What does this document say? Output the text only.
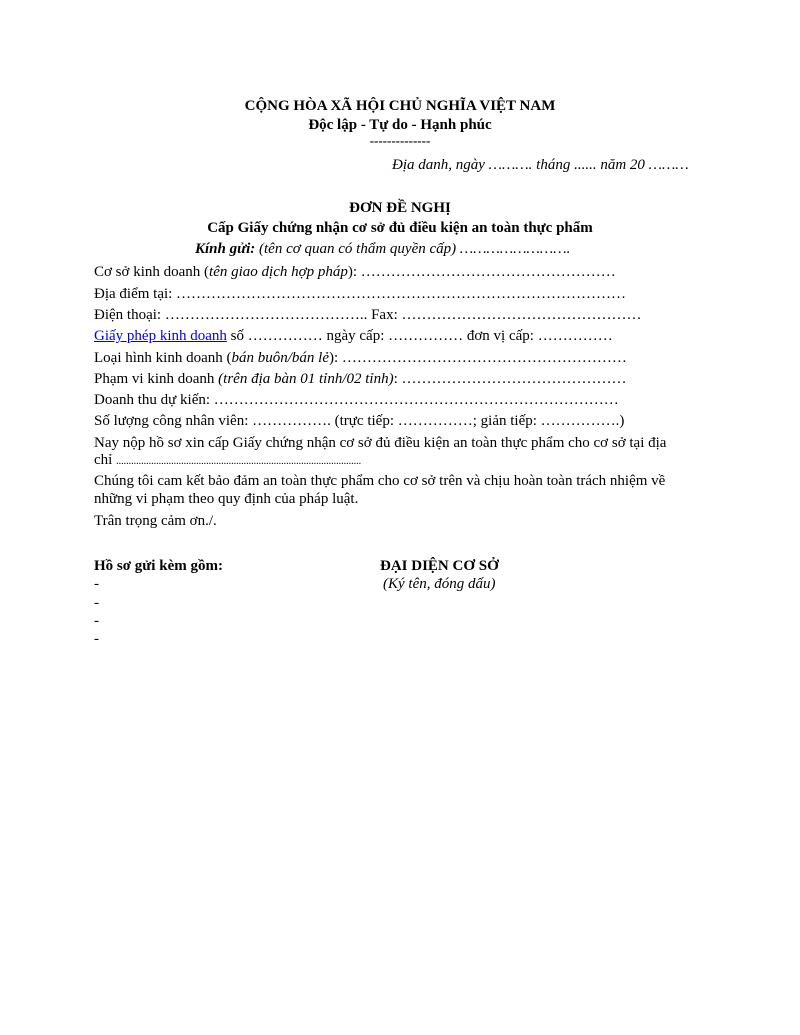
CỘNG HÒA XÃ HỘI CHỦ NGHĨA VIỆT NAM
Độc lập - Tự do - Hạnh phúc
--------------
Địa danh, ngày ………. tháng ...... năm 20 ………
ĐƠN ĐỀ NGHỊ
Cấp Giấy chứng nhận cơ sở đủ điều kiện an toàn thực phẩm
Kính gửi: (tên cơ quan có thẩm quyền cấp) …………………….
Cơ sở kinh doanh (tên giao dịch hợp pháp): ……………………………………………
Địa điểm tại: ………………………………………………………………………………
Điện thoại: ………………………………….. Fax: …………………………………………
Giấy phép kinh doanh số …………… ngày cấp: …………… đơn vị cấp: ……………
Loại hình kinh doanh (bán buôn/bán lẻ): …………………………………………………
Phạm vi kinh doanh (trên địa bàn 01 tỉnh/02 tỉnh): ………………………………………
Doanh thu dự kiến: ………………………………………………………………………
Số lượng công nhân viên: ……………. (trực tiếp: ……………; giản tiếp: …………….)
Nay nộp hồ sơ xin cấp Giấy chứng nhận cơ sở đủ điều kiện an toàn thực phẩm cho cơ sở tại địa
chỉ ..................................................................................................
Chúng tôi cam kết bảo đảm an toàn thực phẩm cho cơ sở trên và chịu hoàn toàn trách nhiệm về
những vi phạm theo quy định của pháp luật.
Trân trọng cảm ơn./.
Hồ sơ gửi kèm gồm:
-
-
-
-
ĐẠI DIỆN CƠ SỞ
(Ký tên, đóng dấu)
